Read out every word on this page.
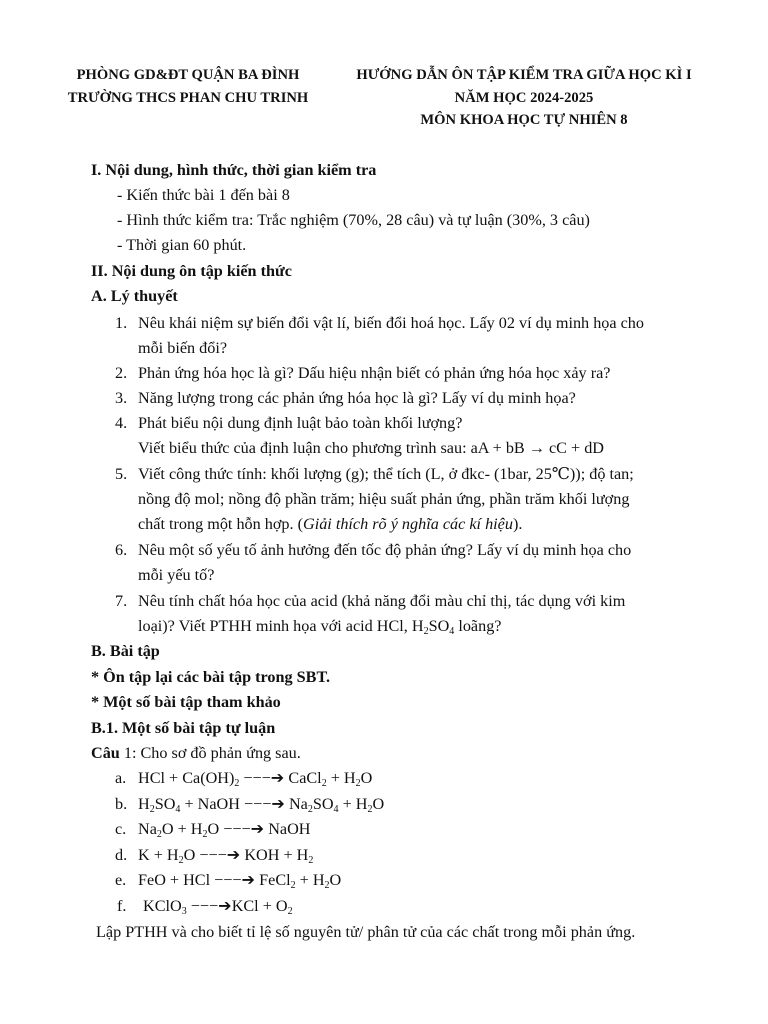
PHÒNG GD&ĐT QUẬN BA ĐÌNH
TRƯỜNG THCS PHAN CHU TRINH
HƯỚNG DẪN ÔN TẬP KIỂM TRA GIỮA HỌC KÌ I
NĂM HỌC 2024-2025
MÔN KHOA HỌC TỰ NHIÊN 8
I. Nội dung, hình thức, thời gian kiểm tra
- Kiến thức bài 1 đến bài 8
- Hình thức kiểm tra: Trắc nghiệm (70%, 28 câu) và tự luận (30%, 3 câu)
- Thời gian 60 phút.
II. Nội dung ôn tập kiến thức
A. Lý thuyết
1. Nêu khái niệm sự biến đổi vật lí, biến đổi hoá học. Lấy 02 ví dụ minh họa cho
mỗi biến đổi?
2. Phản ứng hóa học là gì? Dấu hiệu nhận biết có phản ứng hóa học xảy ra?
3. Năng lượng trong các phản ứng hóa học là gì? Lấy ví dụ minh họa?
4. Phát biểu nội dung định luật bảo toàn khối lượng?
Viết biểu thức của định luận cho phương trình sau: aA + bB → cC + dD
5. Viết công thức tính: khối lượng (g); thể tích (L, ở đkc- (1bar, 25℃)); độ tan;
nồng độ mol; nồng độ phần trăm; hiệu suất phản ứng, phần trăm khối lượng
chất trong một hỗn hợp. (Giải thích rõ ý nghĩa các kí hiệu).
6. Nêu một số yếu tố ảnh hưởng đến tốc độ phản ứng? Lấy ví dụ minh họa cho
mỗi yếu tố?
7. Nêu tính chất hóa học của acid (khả năng đổi màu chỉ thị, tác dụng với kim
loại)? Viết PTHH minh họa với acid HCl, $H_2SO_4$ loãng?
B. Bài tập
* Ôn tập lại các bài tập trong SBT.
* Một số bài tập tham khảo
B.1. Một số bài tập tự luận
Câu 1: Cho sơ đồ phản ứng sau.
a. HCl + $Ca(OH)_2$ −−−➔ CaCl$_2$ + $H_2O$
b. $H_2SO_4$ + NaOH −−−➔ $Na_2SO_4 + H_2O$
c. $Na_2O + H_2O$ −−−➔ NaOH
d. $K + H_2O$ −−−➔ KOH + $H_2$
e. FeO + HCl −−−➔ FeCl$_2$ + $H_2O$
f. KClO$_3$ −−−➔KCl + $O_2$
Lập PTHH và cho biết tỉ lệ số nguyên tử/ phân tử của các chất trong mỗi phản ứng.
